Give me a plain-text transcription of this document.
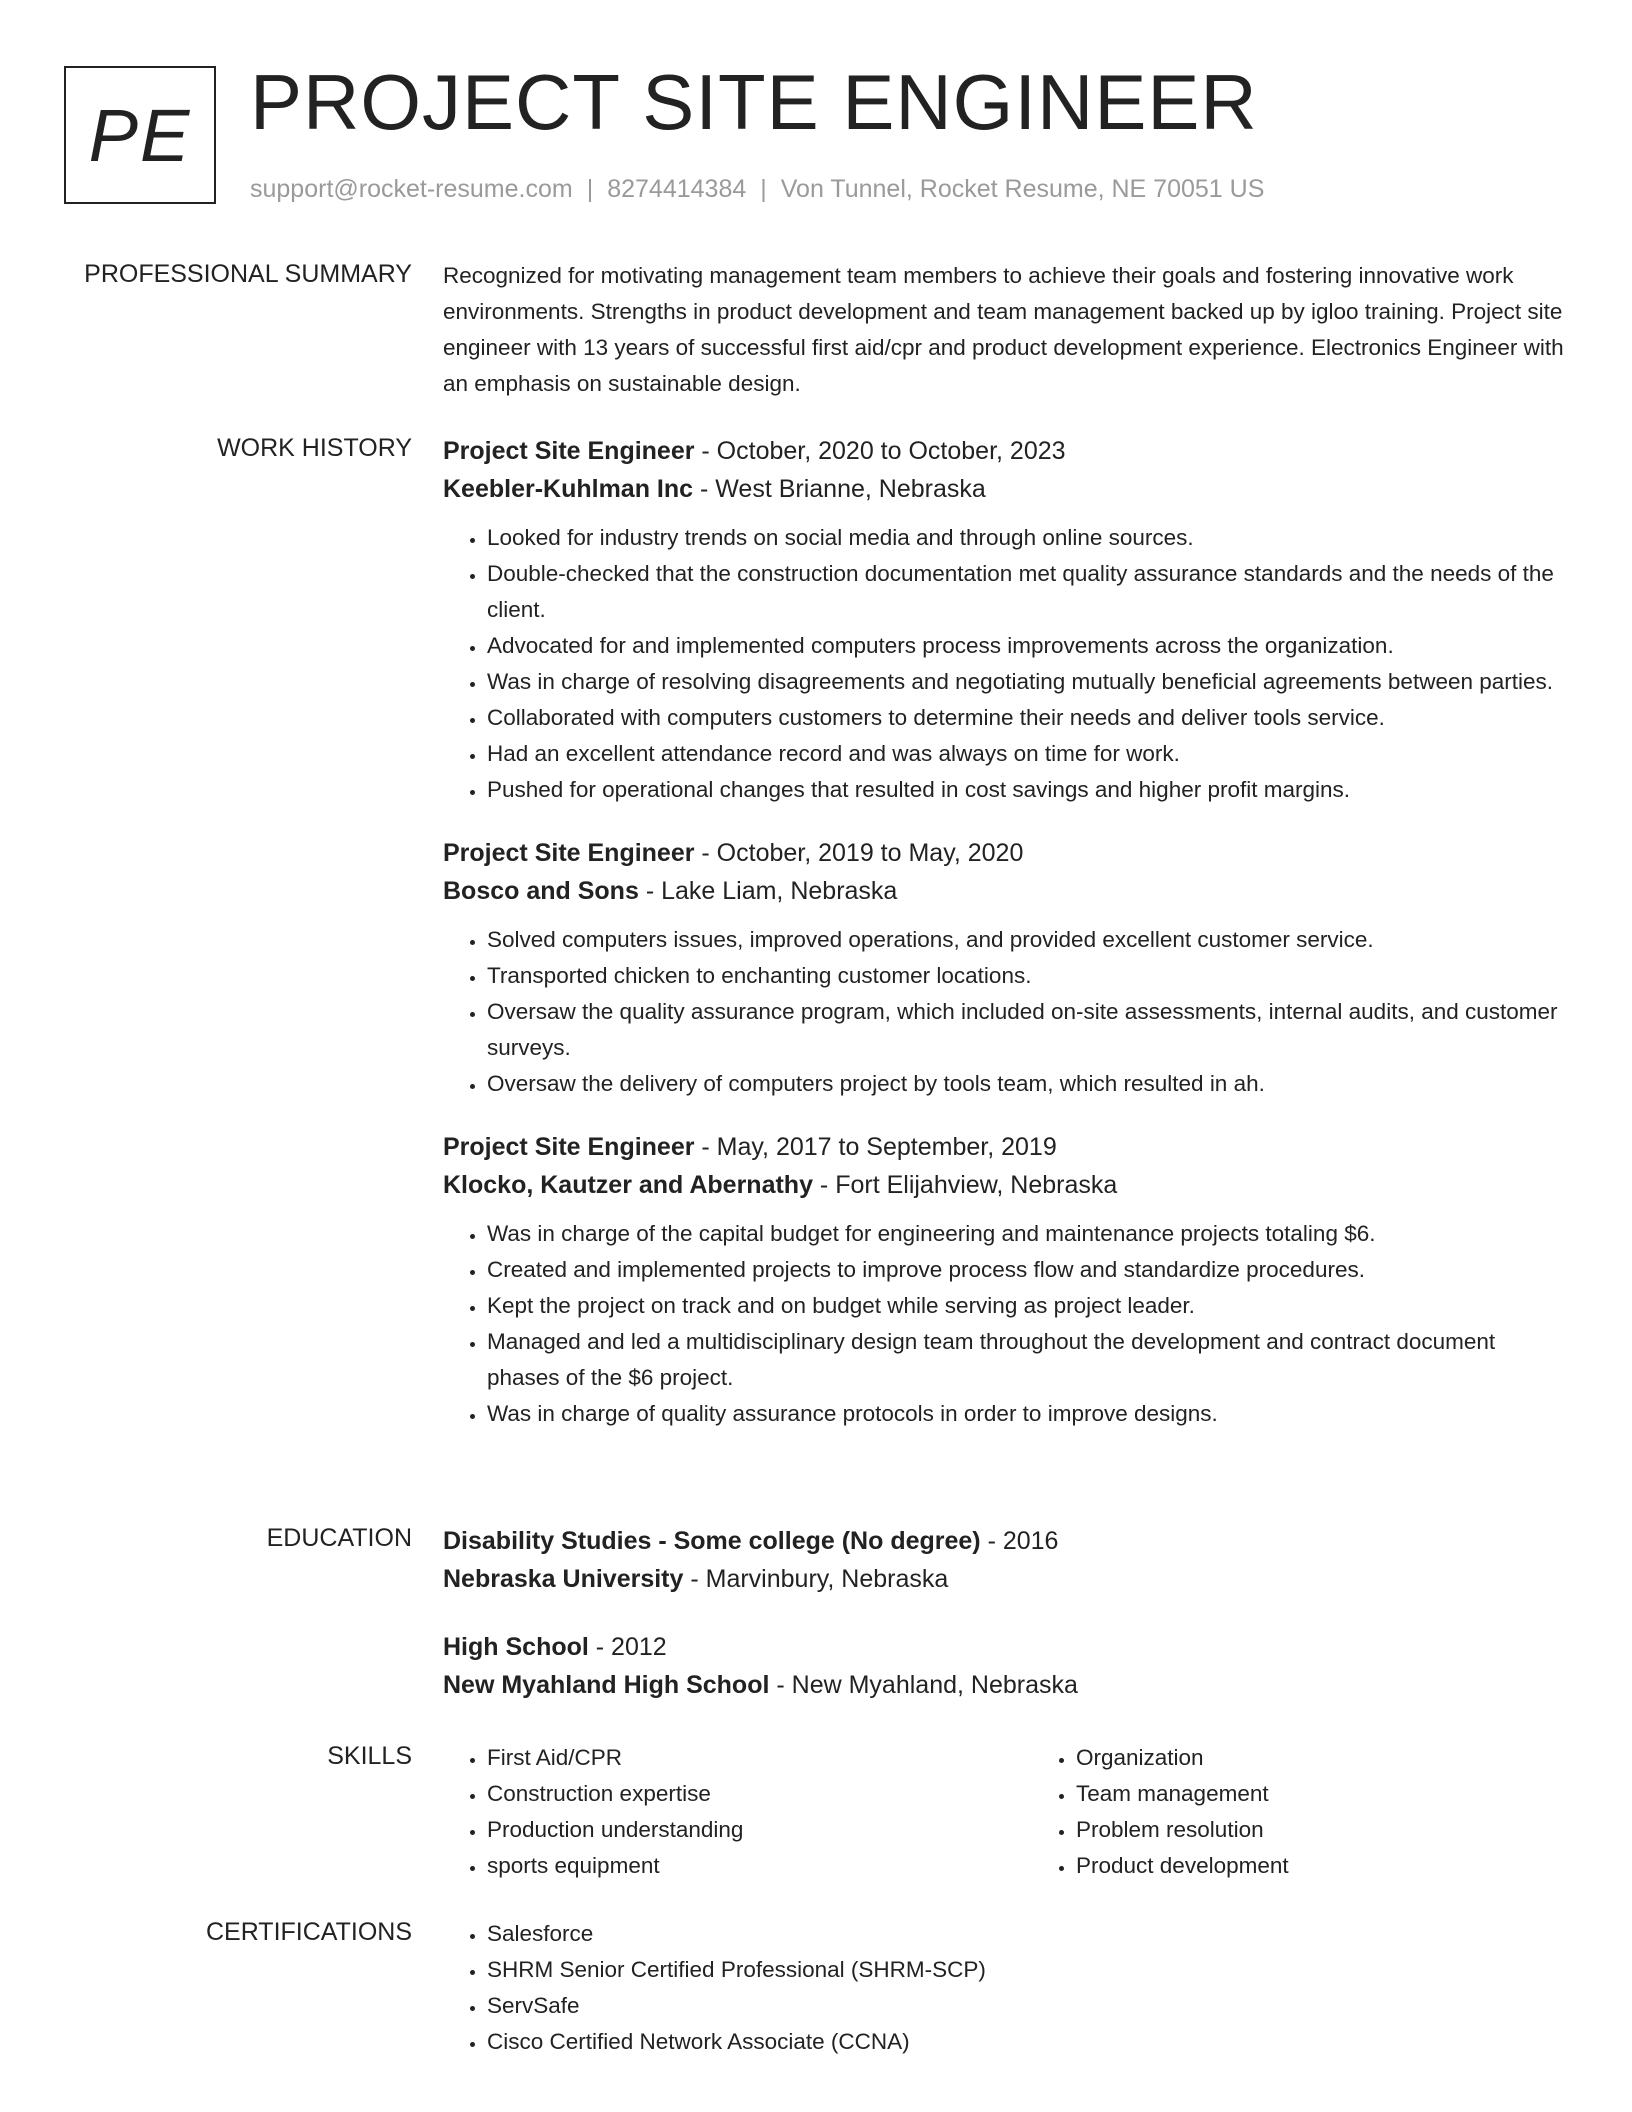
PE PROJECT SITE ENGINEER
support@rocket-resume.com | 8274414384 | Von Tunnel, Rocket Resume, NE 70051 US
PROFESSIONAL SUMMARY Recognized for motivating management team members to achieve their goals and fostering innovative work environments. Strengths in product development and team management backed up by igloo training. Project site engineer with 13 years of successful first aid/cpr and product development experience. Electronics Engineer with an emphasis on sustainable design.

WORK HISTORY Project Site Engineer - October, 2020 to October, 2023

Keebler-Kuhlman Inc - West Brianne, Nebraska

• Looked for industry trends on social media and through online sources.
• Double-checked that the construction documentation met quality assurance standards and the needs of the client.
• Advocated for and implemented computers process improvements across the organization.
• Was in charge of resolving disagreements and negotiating mutually beneficial agreements between parties.
• Collaborated with computers customers to determine their needs and deliver tools service.
• Had an excellent attendance record and was always on time for work.
• Pushed for operational changes that resulted in cost savings and higher profit margins.

Project Site Engineer - October, 2019 to May, 2020

Bosco and Sons - Lake Liam, Nebraska

• Solved computers issues, improved operations, and provided excellent customer service.
• Transported chicken to enchanting customer locations.
• Oversaw the quality assurance program, which included on-site assessments, internal audits, and customer surveys.
• Oversaw the delivery of computers project by tools team, which resulted in ah.

Project Site Engineer - May, 2017 to September, 2019

Klocko, Kautzer and Abernathy - Fort Elijahview, Nebraska

• Was in charge of the capital budget for engineering and maintenance projects totaling $6.
• Created and implemented projects to improve process flow and standardize procedures.
• Kept the project on track and on budget while serving as project leader.
• Managed and led a multidisciplinary design team throughout the development and contract document phases of the $6 project.
• Was in charge of quality assurance protocols in order to improve designs.
EDUCATION Disability Studies - Some college (No degree) - 2016

Nebraska University - Marvinbury, Nebraska

High School - 2012

New Myahland High School - New Myahland, Nebraska

SKILLS	• First Aid/CPR
• Construction expertise
• Production understanding
• sports equipment
• Organization
• Team management
• Problem resolution
• Product development
CERTIFICATIONS	• Salesforce
• SHRM Senior Certified Professional (SHRM-SCP)
• ServSafe
• Cisco Certified Network Associate (CCNA)
